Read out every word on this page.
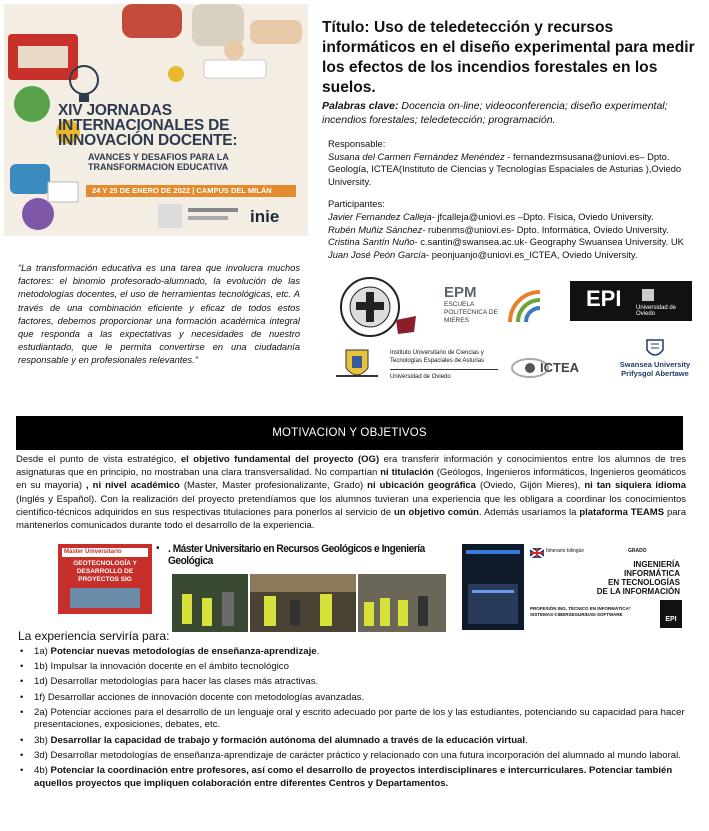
XIV JORNADAS INTERNACIONALES DE INNOVACIÓN DOCENTE:
AVANCES Y DESAFIOS PARA LA TRANSFORMACION EDUCATIVA
24 Y 25 DE ENERO DE 2022 | CAMPUS DEL MILÁN
inie
Título: Uso de teledetección y recursos informáticos en el diseño experimental para medir los efectos de los incendios forestales en los suelos.
Palabras clave: Docencia on-line; videoconferencia; diseño experimental; incendios forestales; teledetección; programación.
Responsable:
Susana del Carmen Fernández Menéndez - fernandezmsusana@uniovi.es– Dpto. Geología, ICTEA(Instituto de Ciencias y Tecnologías Espaciales de Asturias ),Oviedo University.
Participantes:
Javier Fernandez Calleja- jfcalleja@uniovi.es –Dpto. Física, Oviedo University.
Rubén Muñiz Sánchez- rubenms@uniovi.es- Dpto. Informática, Oviedo University.
Cristina Santín Nuño- c.santin@swansea.ac.uk- Geography Swuansea University. UK
Juan José Peón García- peonjuanjo@uniovi.es_ICTEA, Oviedo University.
“La transformación educativa es una tarea que involucra muchos factores: el binomio profesorado-alumnado, la evolución de las metodologías docentes, el uso de herramientas tecnológicas, etc. A través de una combinación eficiente y eficaz de todos estos factores, debemos proporcionar una formación académica integral que responda a las expectativas y necesidades de nuestro estudiantado, que le permita convertirse en una ciudadanía responsable y en profesionales relevantes.”
EPM
ESCUELA
POLITECNICA DE
MIERES
EPI Universidad de Oviedo
Instituto Universitario de Ciencias y
Tecnologías Espaciales de Asturias
Universidad de Oviedo
ICTEA	Swansea University
Prifysgol Abertawe
MOTIVACION Y OBJETIVOS
Desde el punto de vista estratégico, el objetivo fundamental del proyecto (OG) era transferir información y conocimientos entre los alumnos de tres asignaturas que en principio, no mostraban una clara transversalidad. No compartían ni titulación (Geólogos, Ingenieros informáticos, Ingenieros geomáticos en su mayoría) , ni nivel académico (Master, Master profesionalizante, Grado) ni ubicación geográfica (Oviedo, Gijón Mieres), ni tan siquiera idioma (Inglés y Español). Con la realización del proyecto pretendíamos que los alumnos tuvieran una experiencia que les obligara a coordinar los conocimientos científico-técnicos adquiridos en sus respectivas titulaciones para ponerlos al servicio de un objetivo común. Además usaríamos la plataforma TEAMS para mantenerlos comunicados durante todo el desarrollo de la experiencia.
Máster Universitario
GEOTECNOLOGÍA Y DESARROLLO DE PROYECTOS SIG
• . Máster Universitario en Recursos Geológicos e Ingeniería Geológica
Itinerario bilingüe	GRADO
INGENIERÍA
INFORMÁTICA
EN TECNOLOGÍAS
DE LA INFORMACIÓN
PROFESIÓN ING. TÉCNICO EN INFORMÁTICA*
SISTEMAS-CIBERSEGURIDAD-SOFTWARE
EPI
La experiencia serviría para:
• 1a) Potenciar nuevas metodologías de enseñanza-aprendizaje.
• 1b) Impulsar la innovación docente en el ámbito tecnológico
• 1d) Desarrollar metodologías para hacer las clases más atractivas.
• 1f) Desarrollar acciones de innovación docente con metodologías avanzadas.
• 2a) Potenciar acciones para el desarrollo de un lenguaje oral y escrito adecuado por parte de los y las estudiantes, potenciando su capacidad para hacer presentaciones, exposiciones, debates, etc.
• 3b) Desarrollar la capacidad de trabajo y formación autónoma del alumnado a través de la educación virtual.
• 3d) Desarrollar metodologías de enseñanza-aprendizaje de carácter práctico y relacionado con una futura incorporación del alumnado al mundo laboral.
• 4b) Potenciar la coordinación entre profesores, así como el desarrollo de proyectos interdisciplinares e intercurriculares. Potenciar también aquellos proyectos que impliquen colaboración entre diferentes Centros y Departamentos.
